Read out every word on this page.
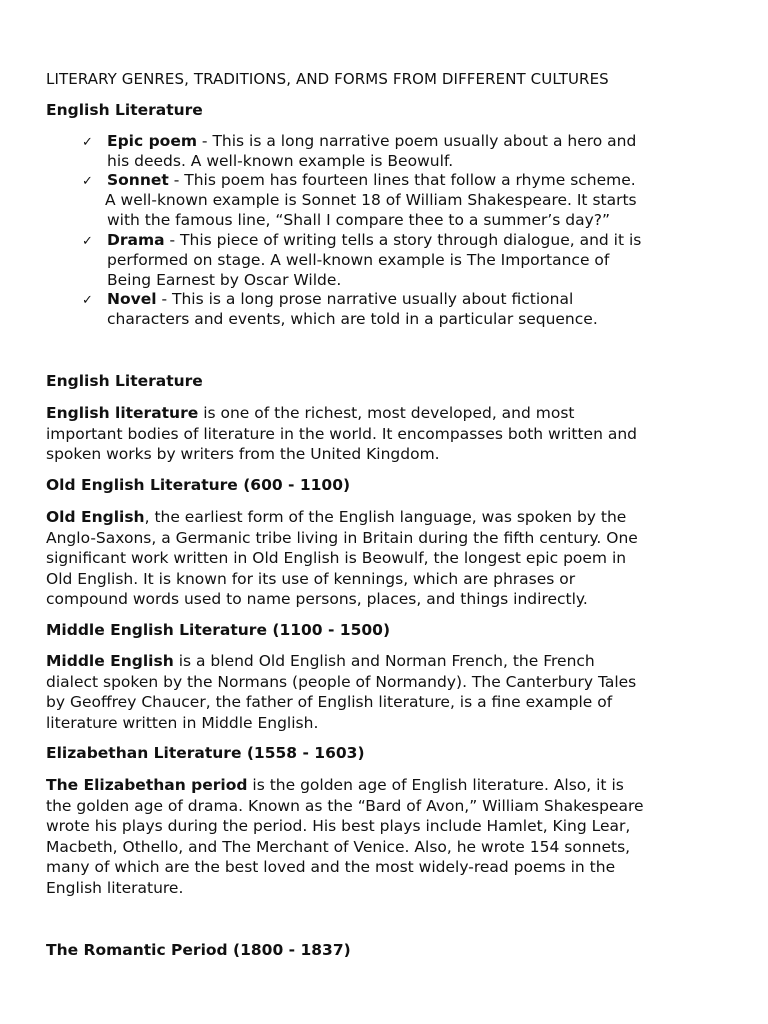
LITERARY GENRES, TRADITIONS, AND FORMS FROM DIFFERENT CULTURES
English Literature
✓ Epic poem - This is a long narrative poem usually about a hero and
his deeds. A well-known example is Beowulf.
✓ Sonnet - This poem has fourteen lines that follow a rhyme scheme.
A well-known example is Sonnet 18 of William Shakespeare. It starts
with the famous line, “Shall I compare thee to a summer’s day?”
✓ Drama - This piece of writing tells a story through dialogue, and it is
performed on stage. A well-known example is The Importance of
Being Earnest by Oscar Wilde.
✓ Novel - This is a long prose narrative usually about fictional
characters and events, which are told in a particular sequence.
English Literature
English literature is one of the richest, most developed, and most
important bodies of literature in the world. It encompasses both written and
spoken works by writers from the United Kingdom.
Old English Literature (600 - 1100)
Old English, the earliest form of the English language, was spoken by the
Anglo-Saxons, a Germanic tribe living in Britain during the fifth century. One
significant work written in Old English is Beowulf, the longest epic poem in
Old English. It is known for its use of kennings, which are phrases or
compound words used to name persons, places, and things indirectly.
Middle English Literature (1100 - 1500)
Middle English is a blend Old English and Norman French, the French
dialect spoken by the Normans (people of Normandy). The Canterbury Tales
by Geoffrey Chaucer, the father of English literature, is a fine example of
literature written in Middle English.
Elizabethan Literature (1558 - 1603)
The Elizabethan period is the golden age of English literature. Also, it is
the golden age of drama. Known as the “Bard of Avon,” William Shakespeare
wrote his plays during the period. His best plays include Hamlet, King Lear,
Macbeth, Othello, and The Merchant of Venice. Also, he wrote 154 sonnets,
many of which are the best loved and the most widely-read poems in the
English literature.
The Romantic Period (1800 - 1837)
